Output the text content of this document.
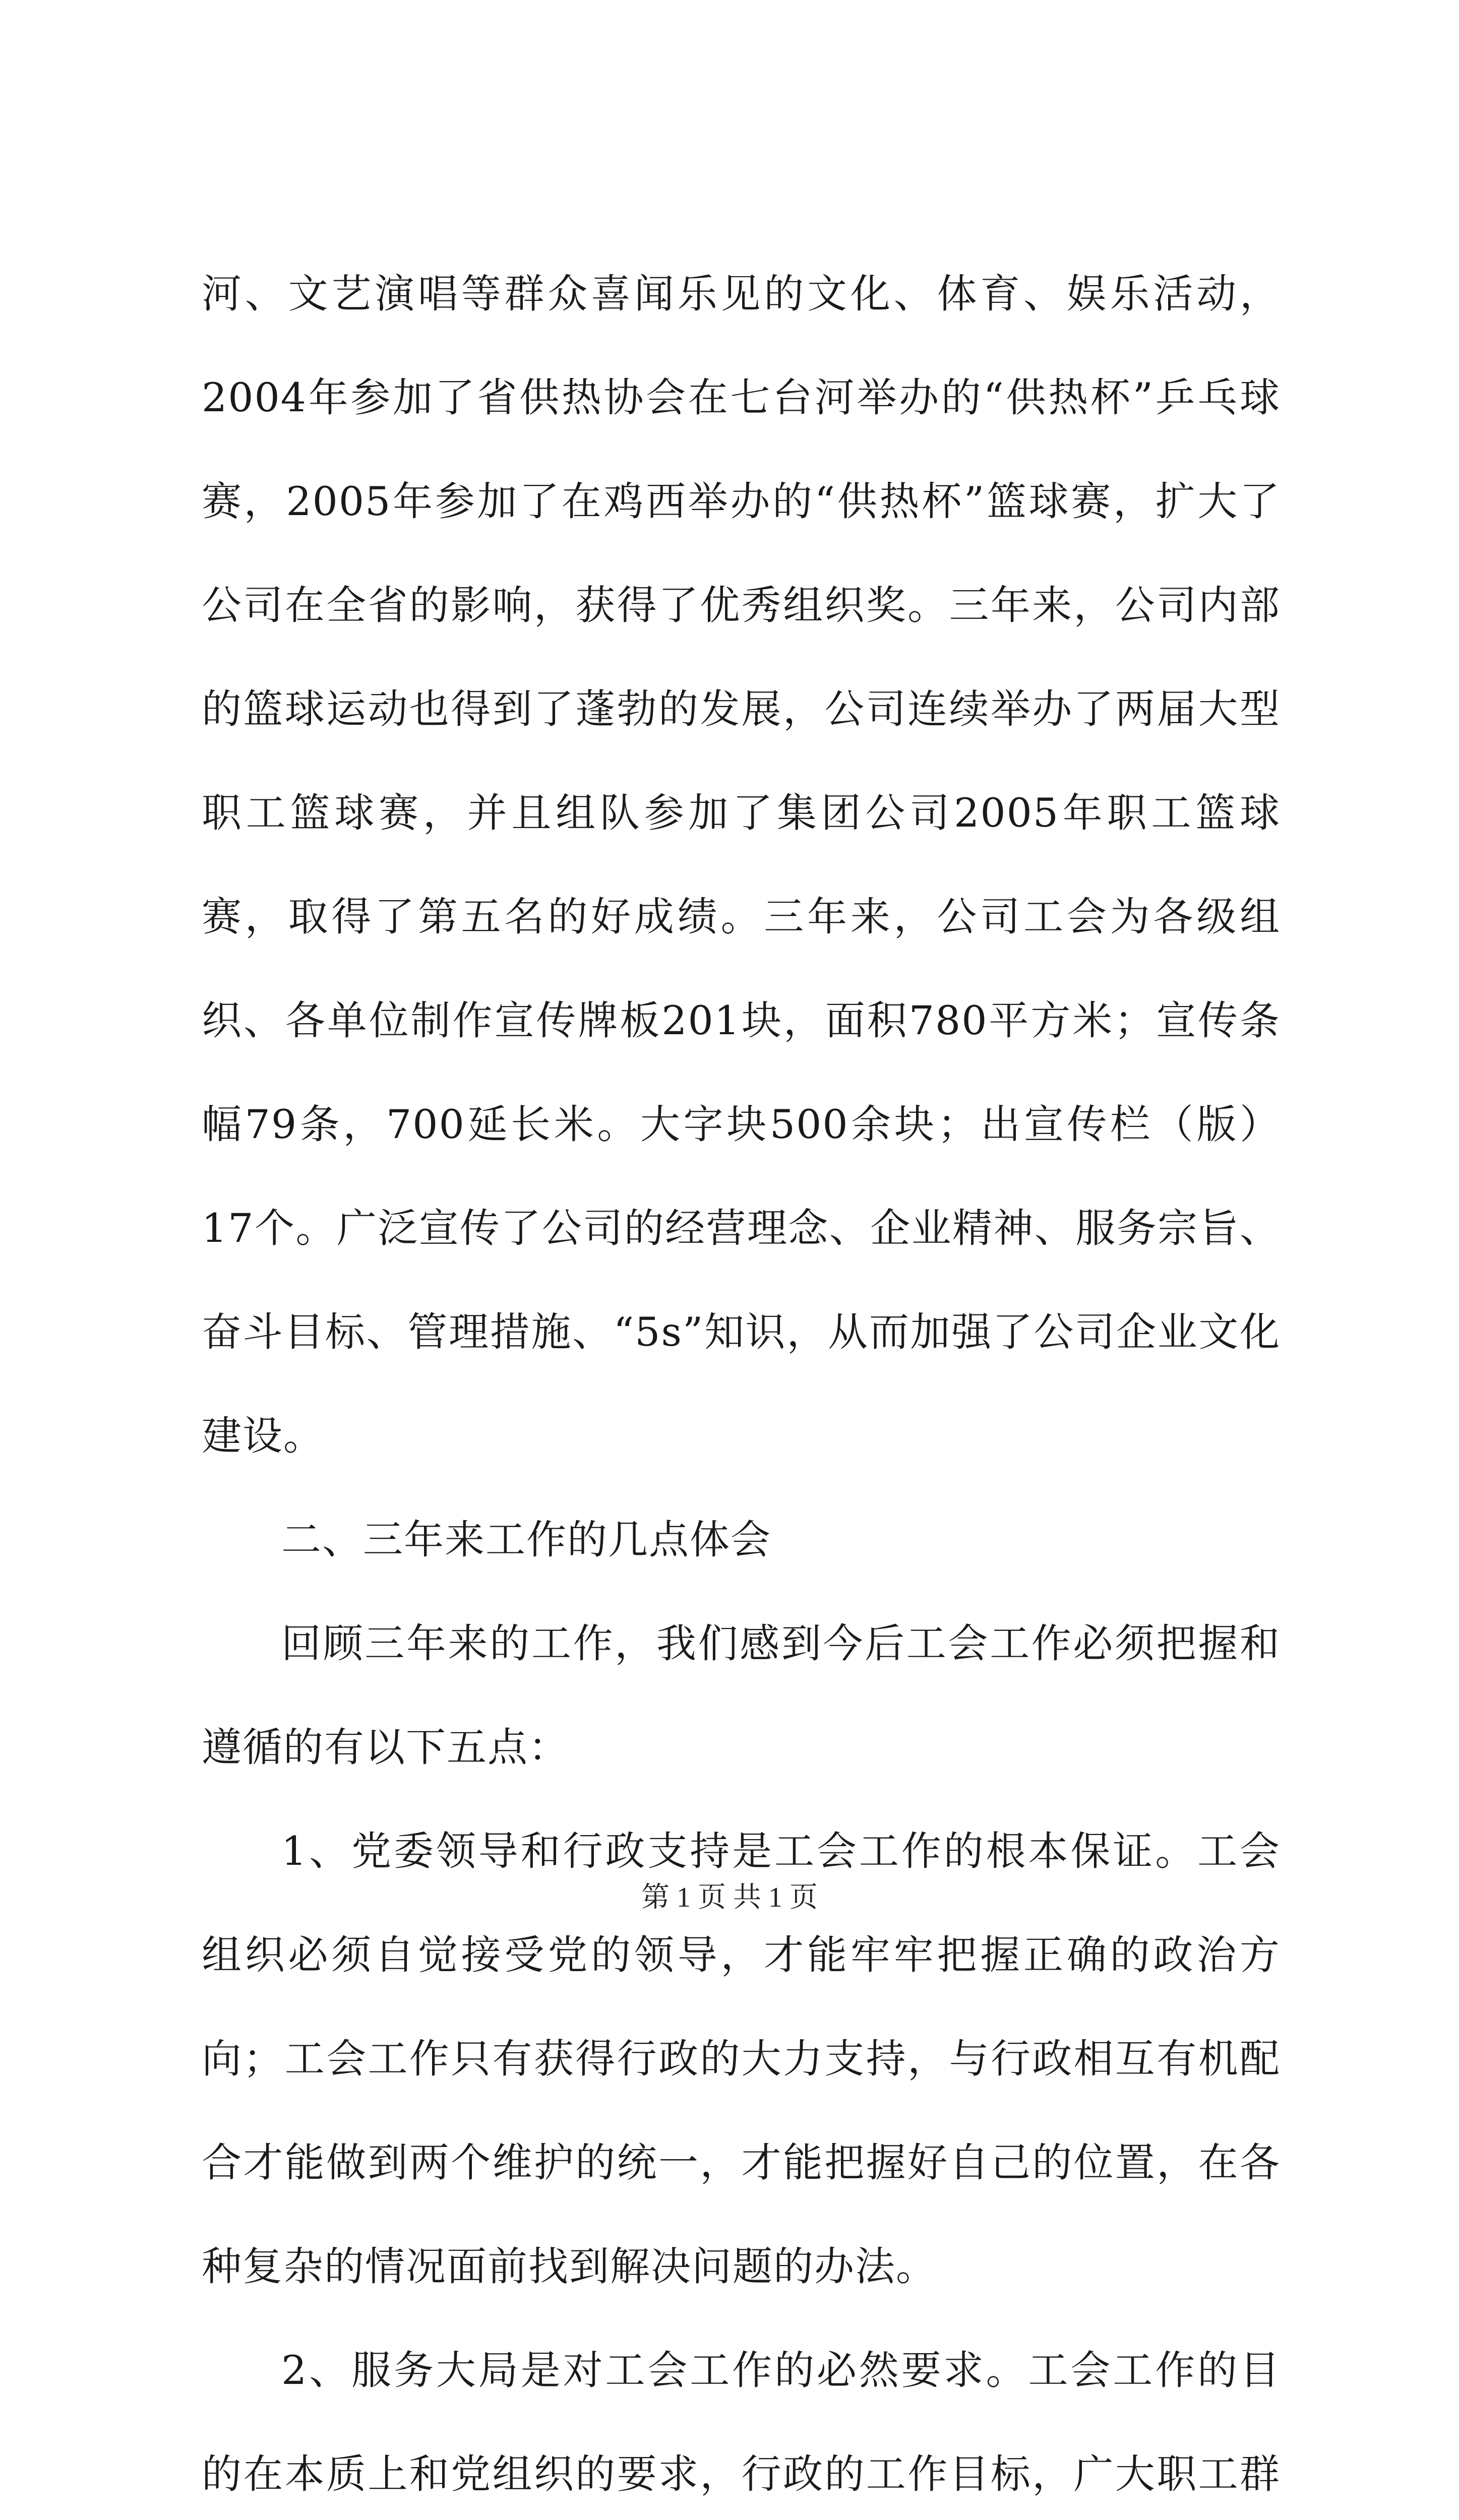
河、文艺演唱等群众喜闻乐见的文化、体育、娱乐活动，2004年参加了省供热协会在七台河举办的“供热杯”乒乓球赛，2005年参加了在鸡西举办的“供热杯”篮球赛，扩大了公司在全省的影响，获得了优秀组织奖。三年来，公司内部的篮球运动也得到了蓬勃的发展，公司连续举办了两届大型职工篮球赛，并且组队参加了集团公司2005年职工篮球赛，取得了第五名的好成绩。三年来，公司工会为各级组织、各单位制作宣传牌板201块，面积780平方米；宣传条幅79条，700延长米。大字块500余块；出宣传栏（版）17个。广泛宣传了公司的经营理念、企业精神、服务宗旨、奋斗目标、管理措施、“5s”知识，从而加强了公司企业文化建设。

二、三年来工作的几点体会

回顾三年来的工作，我们感到今后工会工作必须把握和遵循的有以下五点：

1、党委领导和行政支持是工会工作的根本保证。工会组织必须自觉接受党的领导，才能牢牢把握正确的政治方向；工会工作只有获得行政的大力支持，与行政相互有机配合才能做到两个维护的统一，才能把握好自己的位置，在各种复杂的情况面前找到解决问题的办法。

2、服务大局是对工会工作的必然要求。工会工作的目的在本质上和党组织的要求，行政的工作目标，广大职工群

第 1 页 共 1 页
